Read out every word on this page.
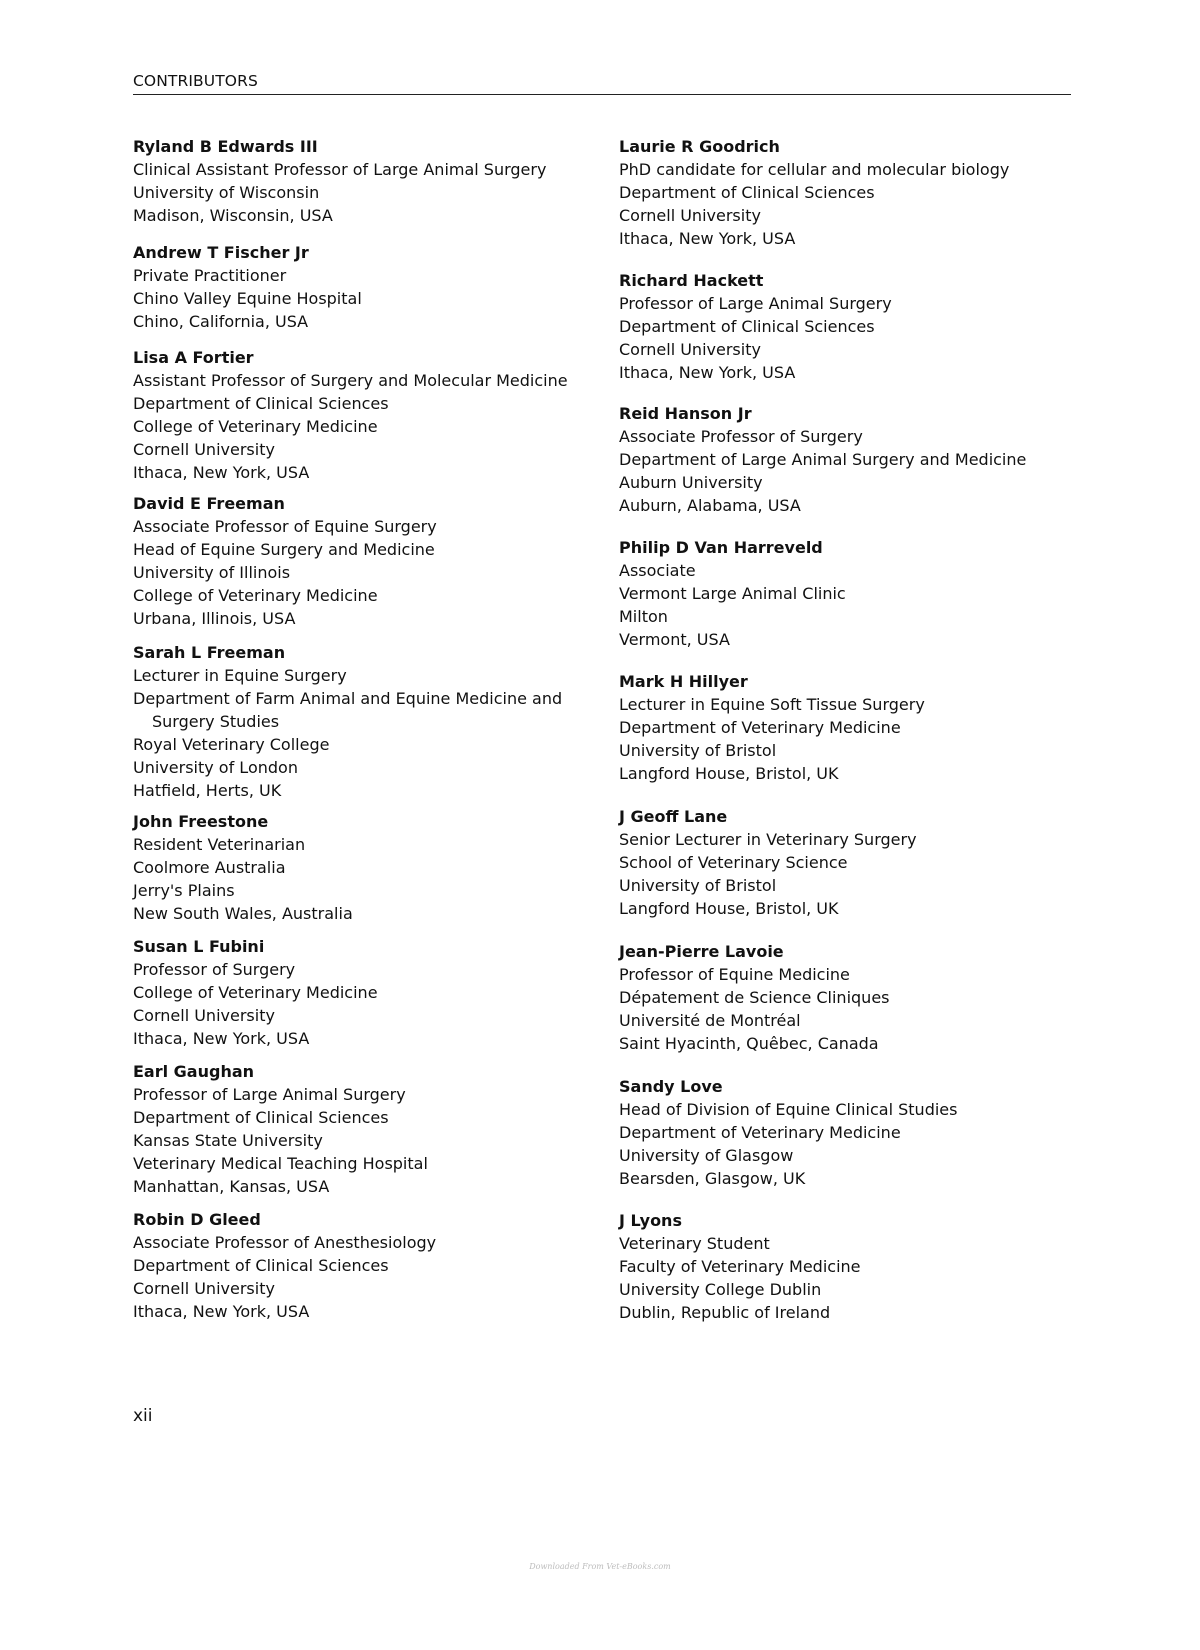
CONTRIBUTORS
Ryland B Edwards III
Clinical Assistant Professor of Large Animal Surgery
University of Wisconsin
Madison, Wisconsin, USA
Andrew T Fischer Jr
Private Practitioner
Chino Valley Equine Hospital
Chino, California, USA
Lisa A Fortier
Assistant Professor of Surgery and Molecular Medicine
Department of Clinical Sciences
College of Veterinary Medicine
Cornell University
Ithaca, New York, USA
David E Freeman
Associate Professor of Equine Surgery
Head of Equine Surgery and Medicine
University of Illinois
College of Veterinary Medicine
Urbana, Illinois, USA
Sarah L Freeman
Lecturer in Equine Surgery
Department of Farm Animal and Equine Medicine and Surgery Studies
Royal Veterinary College
University of London
Hatfield, Herts, UK
John Freestone
Resident Veterinarian
Coolmore Australia
Jerry's Plains
New South Wales, Australia
Susan L Fubini
Professor of Surgery
College of Veterinary Medicine
Cornell University
Ithaca, New York, USA
Earl Gaughan
Professor of Large Animal Surgery
Department of Clinical Sciences
Kansas State University
Veterinary Medical Teaching Hospital
Manhattan, Kansas, USA
Robin D Gleed
Associate Professor of Anesthesiology
Department of Clinical Sciences
Cornell University
Ithaca, New York, USA
Laurie R Goodrich
PhD candidate for cellular and molecular biology
Department of Clinical Sciences
Cornell University
Ithaca, New York, USA
Richard Hackett
Professor of Large Animal Surgery
Department of Clinical Sciences
Cornell University
Ithaca, New York, USA
Reid Hanson Jr
Associate Professor of Surgery
Department of Large Animal Surgery and Medicine
Auburn University
Auburn, Alabama, USA
Philip D Van Harreveld
Associate
Vermont Large Animal Clinic
Milton
Vermont, USA
Mark H Hillyer
Lecturer in Equine Soft Tissue Surgery
Department of Veterinary Medicine
University of Bristol
Langford House, Bristol, UK
J Geoff Lane
Senior Lecturer in Veterinary Surgery
School of Veterinary Science
University of Bristol
Langford House, Bristol, UK
Jean-Pierre Lavoie
Professor of Equine Medicine
Dépatement de Science Cliniques
Université de Montréal
Saint Hyacinth, Quêbec, Canada
Sandy Love
Head of Division of Equine Clinical Studies
Department of Veterinary Medicine
University of Glasgow
Bearsden, Glasgow, UK
J Lyons
Veterinary Student
Faculty of Veterinary Medicine
University College Dublin
Dublin, Republic of Ireland
xii
Downloaded From Vet-eBooks.com
